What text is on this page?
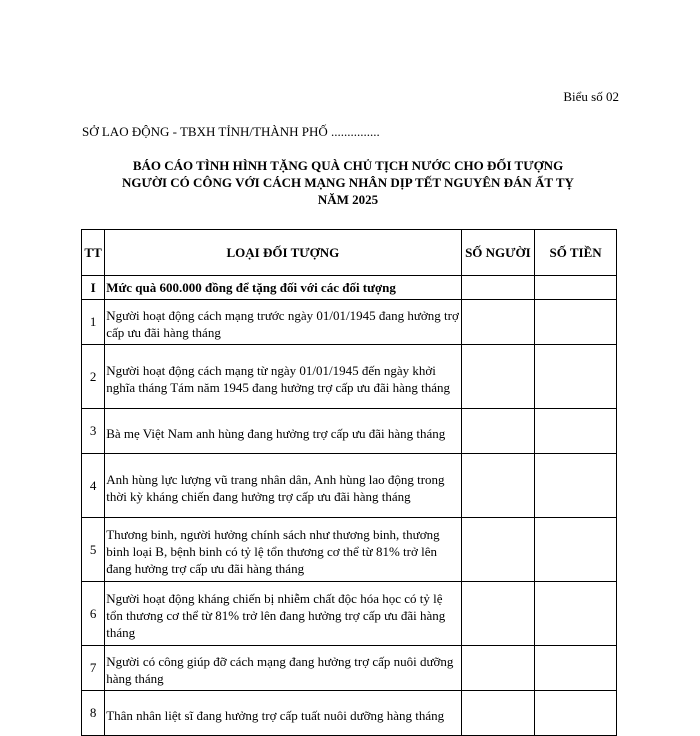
Biểu số 02
SỞ LAO ĐỘNG - TBXH TỈNH/THÀNH PHỐ ...............
BÁO CÁO TÌNH HÌNH TẶNG QUÀ CHỦ TỊCH NƯỚC CHO ĐỐI TƯỢNG
NGƯỜI CÓ CÔNG VỚI CÁCH MẠNG NHÂN DỊP TẾT NGUYÊN ĐÁN ẤT TỴ
NĂM 2025
TT	LOẠI ĐỐI TƯỢNG	SỐ NGƯỜI	SỐ TIỀN
I	Mức quà 600.000 đồng để tặng đối với các đối tượng		
1	Người hoạt động cách mạng trước ngày 01/01/1945 đang hưởng trợ cấp ưu đãi hàng tháng		
2	Người hoạt động cách mạng từ ngày 01/01/1945 đến ngày khởi nghĩa tháng Tám năm 1945 đang hưởng trợ cấp ưu đãi hàng tháng		
3	Bà mẹ Việt Nam anh hùng đang hưởng trợ cấp ưu đãi hàng tháng		
4	Anh hùng lực lượng vũ trang nhân dân, Anh hùng lao động trong thời kỳ kháng chiến đang hưởng trợ cấp ưu đãi hàng tháng		
5	Thương binh, người hưởng chính sách như thương binh, thương binh loại B, bệnh binh có tỷ lệ tổn thương cơ thể từ 81% trở lên đang hưởng trợ cấp ưu đãi hàng tháng		
6	Người hoạt động kháng chiến bị nhiễm chất độc hóa học có tỷ lệ tổn thương cơ thể từ 81% trở lên đang hưởng trợ cấp ưu đãi hàng tháng		
7	Người có công giúp đỡ cách mạng đang hưởng trợ cấp nuôi dưỡng hàng tháng		
8	Thân nhân liệt sĩ đang hưởng trợ cấp tuất nuôi dưỡng hàng tháng		
